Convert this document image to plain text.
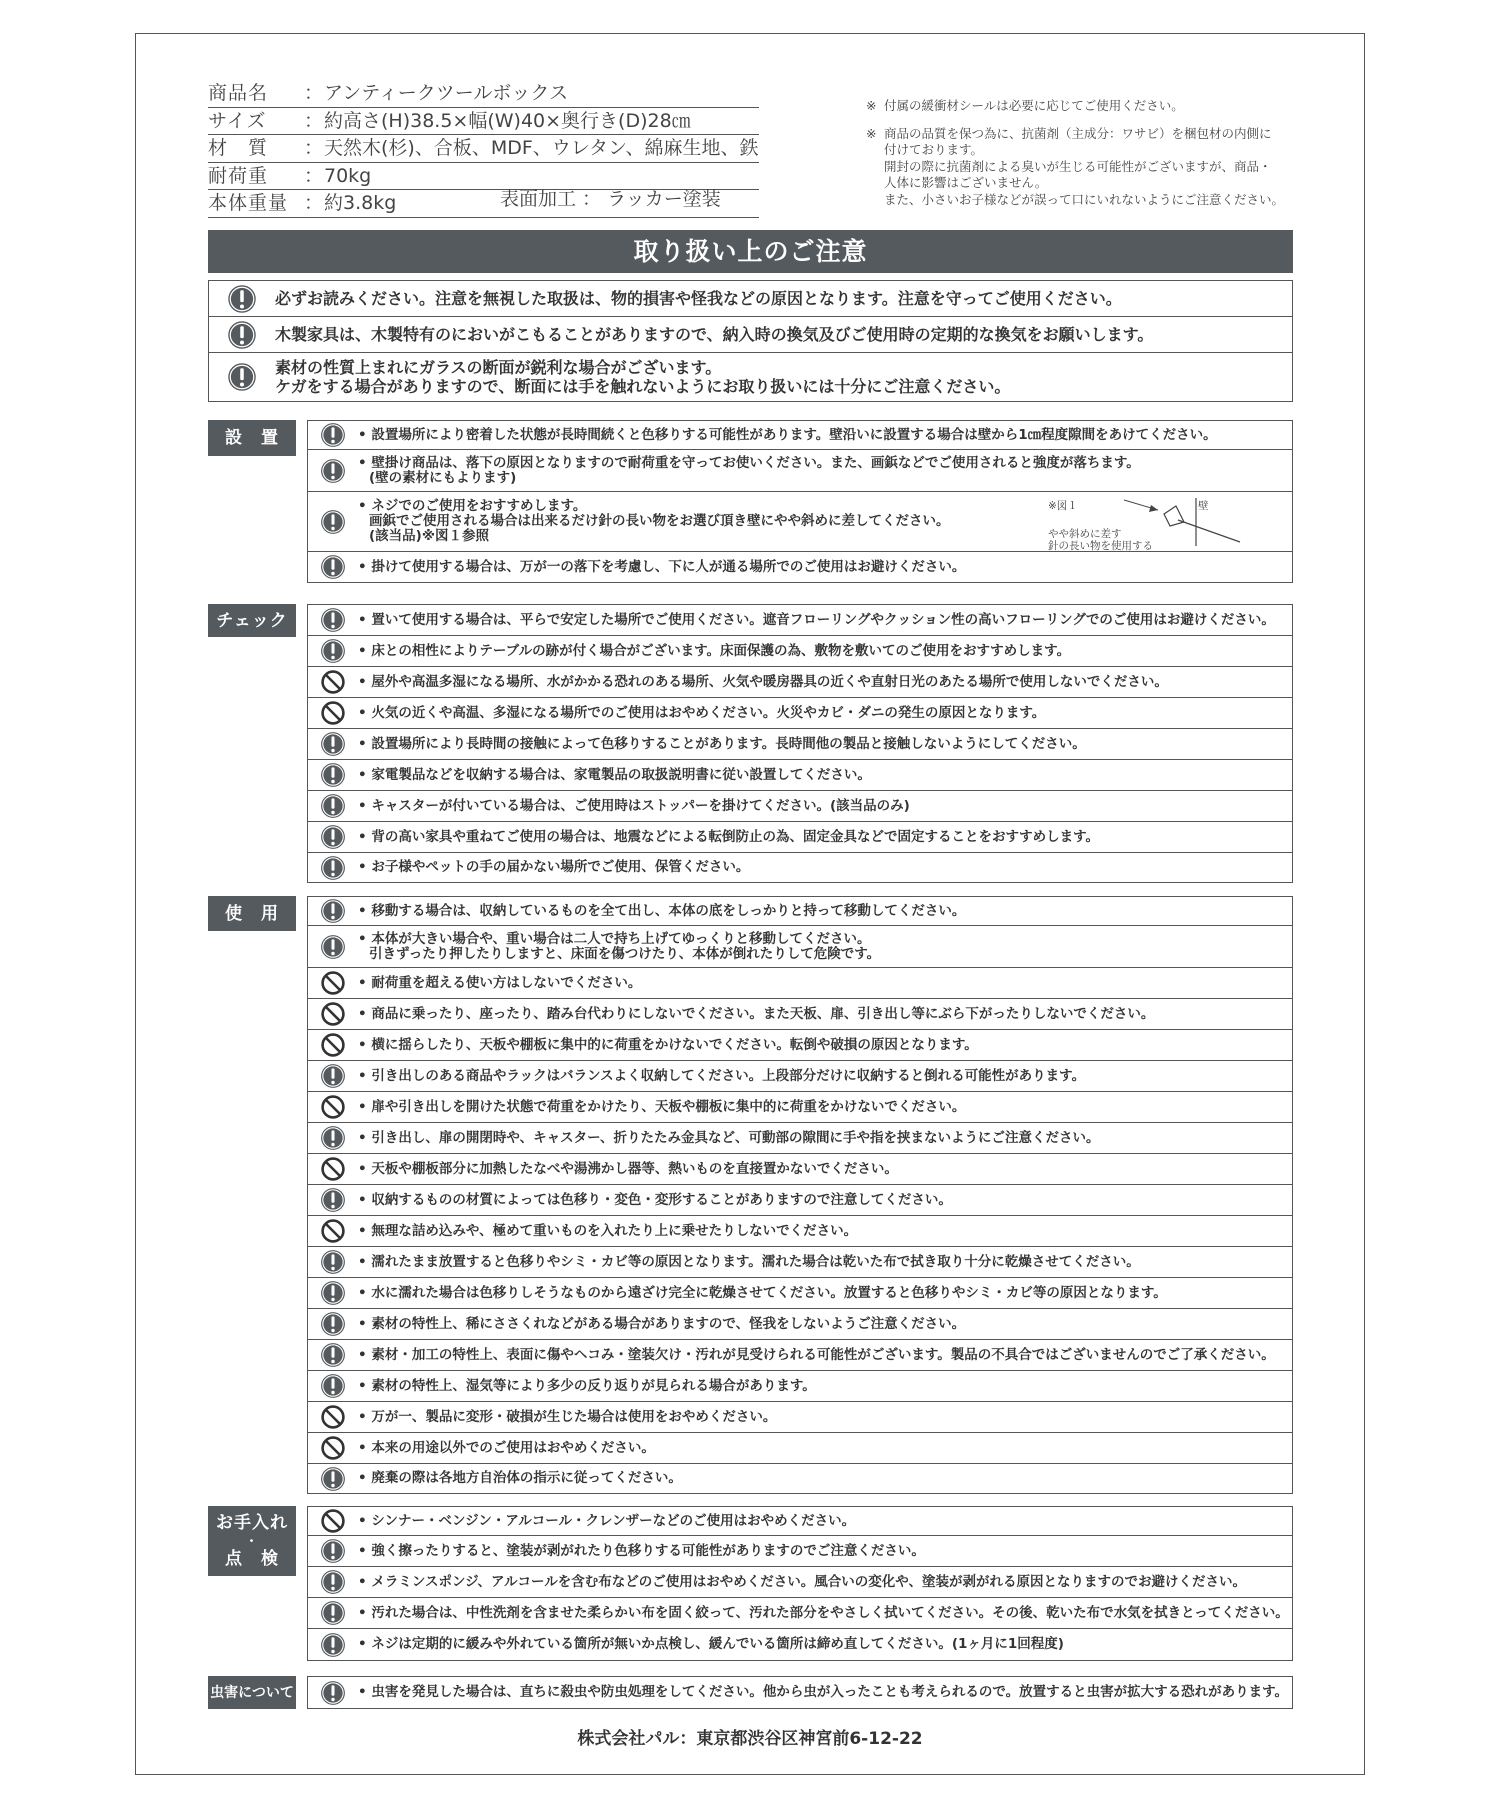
商品名	： アンティークツールボックス
サイズ	： 約高さ(H)38.5×幅(W)40×奥行き(D)28㎝
材　質	： 天然木(杉)、合板、MDF、ウレタン、綿麻生地、鉄
耐荷重	： 70kg
本体重量 ： 約3.8kg	表面加工 ： ラッカー塗装
※ 付属の緩衝材シールは必要に応じてご使用ください。
※ 商品の品質を保つ為に、抗菌剤（主成分：ワサビ）を梱包材の内側に
付けております。
開封の際に抗菌剤による臭いが生じる可能性がございますが、商品・
人体に影響はございません。
また、小さいお子様などが誤って口にいれないようにご注意ください。
取り扱い上のご注意
必ずお読みください。注意を無視した取扱は、物的損害や怪我などの原因となります。注意を守ってご使用ください。
木製家具は、木製特有のにおいがこもることがありますので、納入時の換気及びご使用時の定期的な換気をお願いします。
素材の性質上まれにガラスの断面が鋭利な場合がございます。
ケガをする場合がありますので、断面には手を触れないようにお取り扱いには十分にご注意ください。
設　置	• 設置場所により密着した状態が長時間続くと色移りする可能性があります。壁沿いに設置する場合は壁から1㎝程度隙間をあけてください。
• 壁掛け商品は、落下の原因となりますので耐荷重を守ってお使いください。また、画鋲などでご使用されると強度が落ちます。
(壁の素材にもよります)
• ネジでのご使用をおすすめします。
画鋲でご使用される場合は出来るだけ針の長い物をお選び頂き壁にやや斜めに差してください。
(該当品)※図１参照
※図１	壁
やや斜めに差す
針の長い物を使用する
• 掛けて使用する場合は、万が一の落下を考慮し、下に人が通る場所でのご使用はお避けください。
チェック	• 置いて使用する場合は、平らで安定した場所でご使用ください。遮音フローリングやクッション性の高いフローリングでのご使用はお避けください。
• 床との相性によりテーブルの跡が付く場合がございます。床面保護の為、敷物を敷いてのご使用をおすすめします。
• 屋外や高温多湿になる場所、水がかかる恐れのある場所、火気や暖房器具の近くや直射日光のあたる場所で使用しないでください。
• 火気の近くや高温、多湿になる場所でのご使用はおやめください。火災やカビ・ダニの発生の原因となります。
• 設置場所により長時間の接触によって色移りすることがあります。長時間他の製品と接触しないようにしてください。
• 家電製品などを収納する場合は、家電製品の取扱説明書に従い設置してください。
• キャスターが付いている場合は、ご使用時はストッパーを掛けてください。(該当品のみ)
• 背の高い家具や重ねてご使用の場合は、地震などによる転倒防止の為、固定金具などで固定することをおすすめします。
• お子様やペットの手の届かない場所でご使用、保管ください。
使　用	• 移動する場合は、収納しているものを全て出し、本体の底をしっかりと持って移動してください。
• 本体が大きい場合や、重い場合は二人で持ち上げてゆっくりと移動してください。
引きずったり押したりしますと、床面を傷つけたり、本体が倒れたりして危険です。
• 耐荷重を超える使い方はしないでください。
• 商品に乗ったり、座ったり、踏み台代わりにしないでください。また天板、扉、引き出し等にぶら下がったりしないでください。
• 横に揺らしたり、天板や棚板に集中的に荷重をかけないでください。転倒や破損の原因となります。
• 引き出しのある商品やラックはバランスよく収納してください。上段部分だけに収納すると倒れる可能性があります。
• 扉や引き出しを開けた状態で荷重をかけたり、天板や棚板に集中的に荷重をかけないでください。
• 引き出し、扉の開閉時や、キャスター、折りたたみ金具など、可動部の隙間に手や指を挟まないようにご注意ください。
• 天板や棚板部分に加熱したなべや湯沸かし器等、熱いものを直接置かないでください。
• 収納するものの材質によっては色移り・変色・変形することがありますので注意してください。
• 無理な詰め込みや、極めて重いものを入れたり上に乗せたりしないでください。
• 濡れたまま放置すると色移りやシミ・カビ等の原因となります。濡れた場合は乾いた布で拭き取り十分に乾燥させてください。
• 水に濡れた場合は色移りしそうなものから遠ざけ完全に乾燥させてください。放置すると色移りやシミ・カビ等の原因となります。
• 素材の特性上、稀にささくれなどがある場合がありますので、怪我をしないようご注意ください。
• 素材・加工の特性上、表面に傷やヘコみ・塗装欠け・汚れが見受けられる可能性がございます。製品の不具合ではございませんのでご了承ください。
• 素材の特性上、湿気等により多少の反り返りが見られる場合があります。
• 万が一、製品に変形・破損が生じた場合は使用をおやめください。
• 本来の用途以外でのご使用はおやめください。
• 廃棄の際は各地方自治体の指示に従ってください。
お手入れ
・
点　検
• シンナー・ベンジン・アルコール・クレンザーなどのご使用はおやめください。
• 強く擦ったりすると、塗装が剥がれたり色移りする可能性がありますのでご注意ください。
• メラミンスポンジ、アルコールを含む布などのご使用はおやめください。風合いの変化や、塗装が剥がれる原因となりますのでお避けください。
• 汚れた場合は、中性洗剤を含ませた柔らかい布を固く絞って、汚れた部分をやさしく拭いてください。その後、乾いた布で水気を拭きとってください。
• ネジは定期的に緩みや外れている箇所が無いか点検し、緩んでいる箇所は締め直してください。(1ヶ月に1回程度)
虫害について	• 虫害を発見した場合は、直ちに殺虫や防虫処理をしてください。他から虫が入ったことも考えられるので。放置すると虫害が拡大する恐れがあります。
株式会社パル：東京都渋谷区神宮前6-12-22
